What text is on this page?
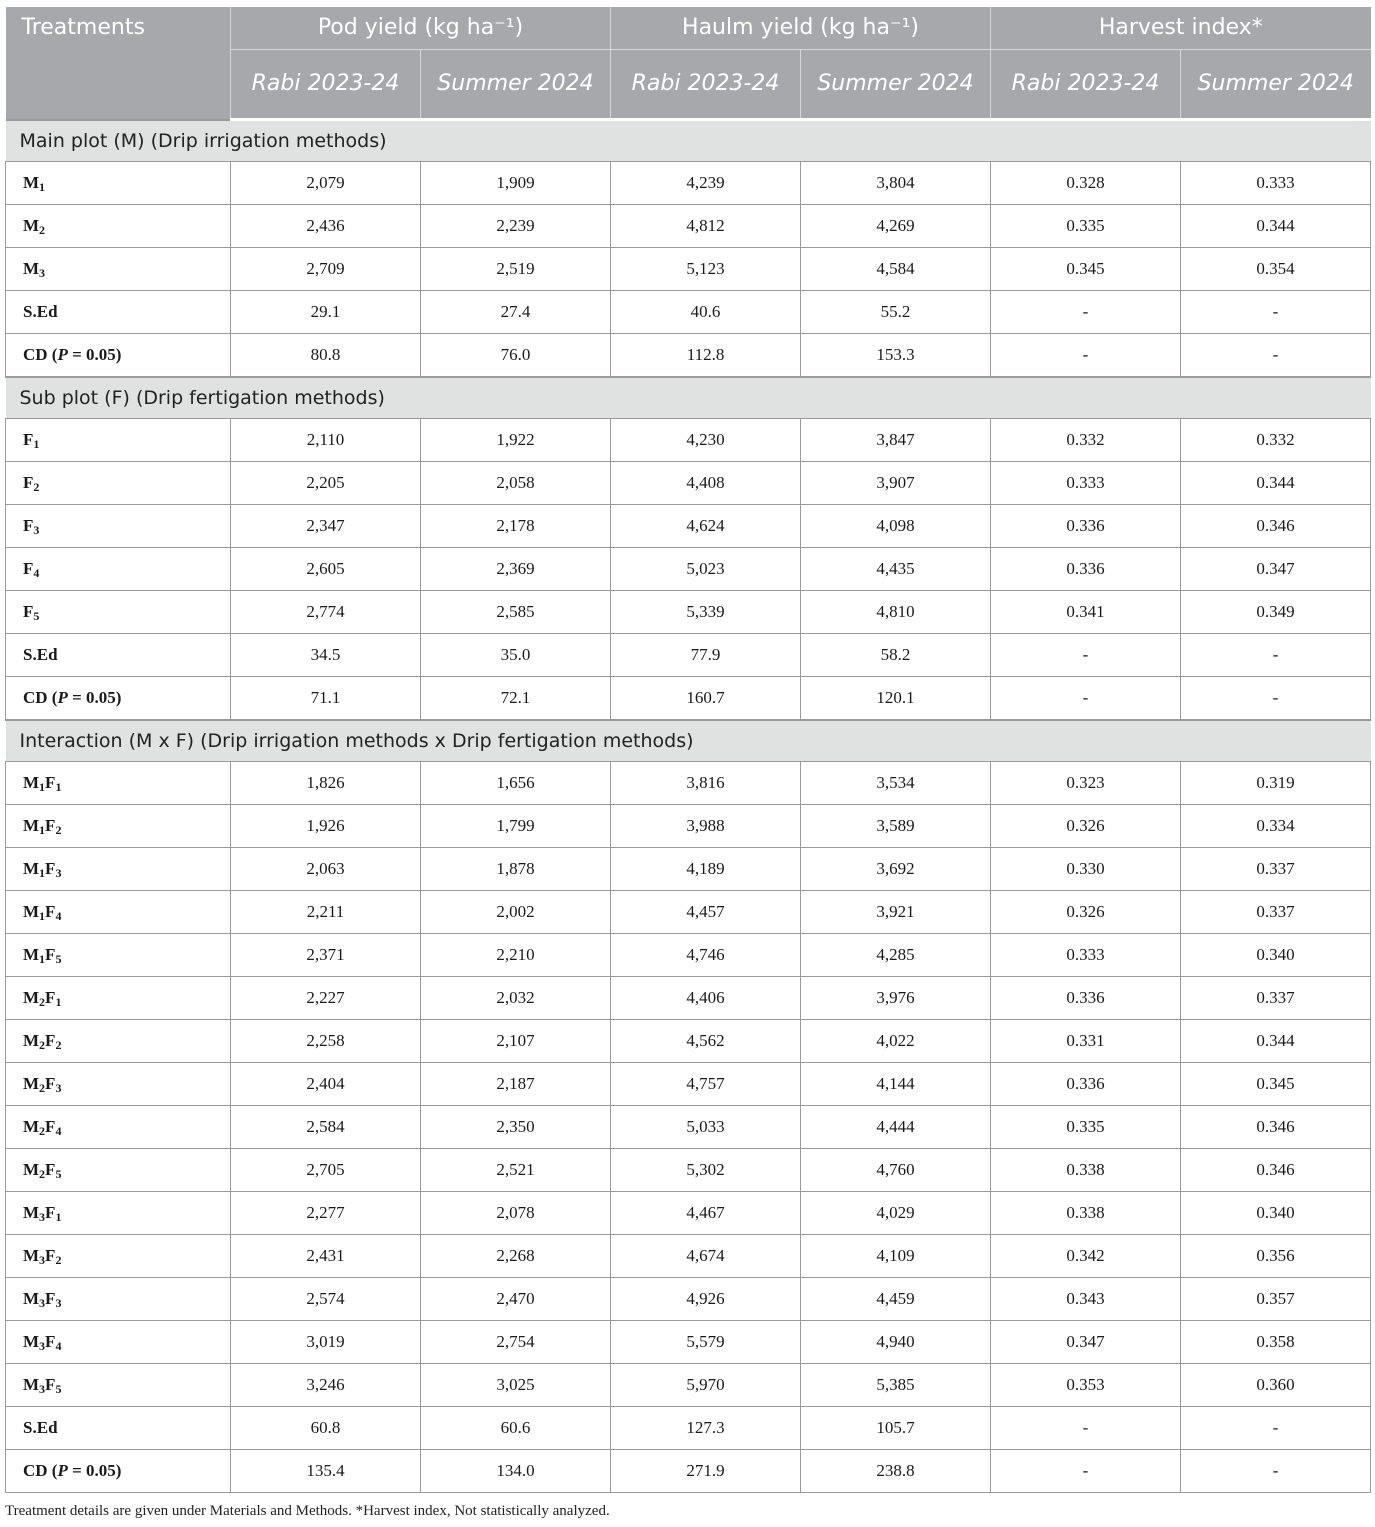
Treatments	Pod yield (kg ha⁻¹)		Haulm yield (kg ha⁻¹)		Harvest index*	
	Rabi 2023-24	Summer 2024	Rabi 2023-24	Summer 2024	Rabi 2023-24	Summer 2024
Main plot (M) (Drip irrigation methods)						
$M_1$	2,079	1,909	4,239	3,804	0.328	0.333
$M_2$	2,436	2,239	4,812	4,269	0.335	0.344
$M_3$	2,709	2,519	5,123	4,584	0.345	0.354
S.Ed	29.1	27.4	40.6	55.2	-	-
CD (P = 0.05)	80.8	76.0	112.8	153.3	-	-
Sub plot (F) (Drip fertigation methods)						
$F_1$	2,110	1,922	4,230	3,847	0.332	0.332
$F_2$	2,205	2,058	4,408	3,907	0.333	0.344
$F_3$	2,347	2,178	4,624	4,098	0.336	0.346
$F_4$	2,605	2,369	5,023	4,435	0.336	0.347
$F_5$	2,774	2,585	5,339	4,810	0.341	0.349
S.Ed	34.5	35.0	77.9	58.2	-	-
CD (P = 0.05)	71.1	72.1	160.7	120.1	-	-
Interaction (M x F) (Drip irrigation methods x Drip fertigation methods)						
$M_1F_1$	1,826	1,656	3,816	3,534	0.323	0.319
$M_1F_2$	1,926	1,799	3,988	3,589	0.326	0.334
$M_1F_3$	2,063	1,878	4,189	3,692	0.330	0.337
$M_1F_4$	2,211	2,002	4,457	3,921	0.326	0.337
$M_1F_5$	2,371	2,210	4,746	4,285	0.333	0.340
$M_2F_1$	2,227	2,032	4,406	3,976	0.336	0.337
$M_2F_2$	2,258	2,107	4,562	4,022	0.331	0.344
$M_2F_3$	2,404	2,187	4,757	4,144	0.336	0.345
$M_2F_4$	2,584	2,350	5,033	4,444	0.335	0.346
$M_2F_5$	2,705	2,521	5,302	4,760	0.338	0.346
$M_3F_1$	2,277	2,078	4,467	4,029	0.338	0.340
$M_3F_2$	2,431	2,268	4,674	4,109	0.342	0.356
$M_3F_3$	2,574	2,470	4,926	4,459	0.343	0.357
$M_3F_4$	3,019	2,754	5,579	4,940	0.347	0.358
$M_3F_5$	3,246	3,025	5,970	5,385	0.353	0.360
S.Ed	60.8	60.6	127.3	105.7	-	-
CD (P = 0.05)	135.4	134.0	271.9	238.8	-	-
Treatment details are given under Materials and Methods. *Harvest index, Not statistically analyzed.
